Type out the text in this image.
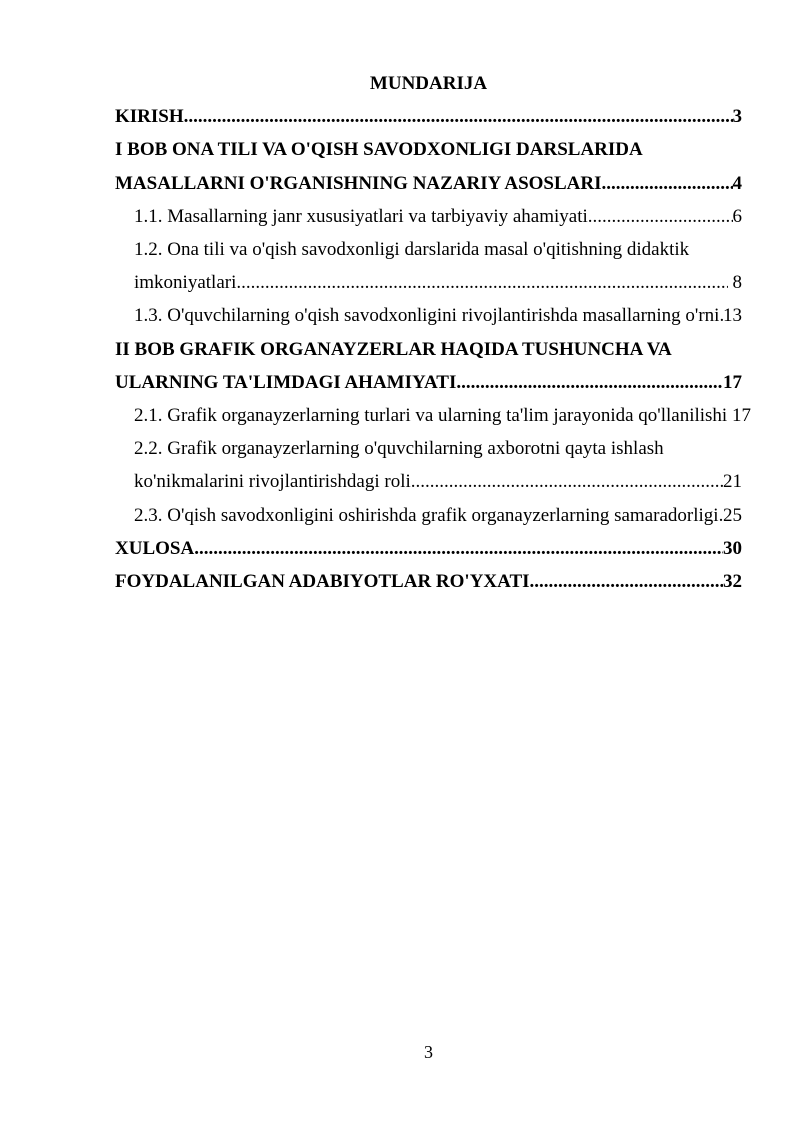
MUNDARIJA
KIRISH .....	3
I BOB ONA TILI VA O'QISH SAVODXONLIGI DARSLARIDA
MASALLARNI O'RGANISHNING NAZARIY ASOSLARI .....	4
1.1. Masallarning janr xususiyatlari va tarbiyaviy ahamiyati .....	6
1.2. Ona tili va o'qish savodxonligi darslarida masal o'qitishning didaktik
imkoniyatlari .....	8
1.3. O'quvchilarning o'qish savodxonligini rivojlantirishda masallarning o'rni ..... 13
II BOB GRAFIK ORGANAYZERLAR HAQIDA TUSHUNCHA VA
ULARNING TA'LIMDAGI AHAMIYATI .....	17
2.1. Grafik organayzerlarning turlari va ularning ta'lim jarayonida qo'llanilishi 17
2.2. Grafik organayzerlarning o'quvchilarning axborotni qayta ishlash
ko'nikmalarini rivojlantirishdagi roli .....	21
2.3. O'qish savodxonligini oshirishda grafik organayzerlarning samaradorligi ..... 25
XULOSA .....	30
FOYDALANILGAN ADABIYOTLAR RO'YXATI .....	32
3
